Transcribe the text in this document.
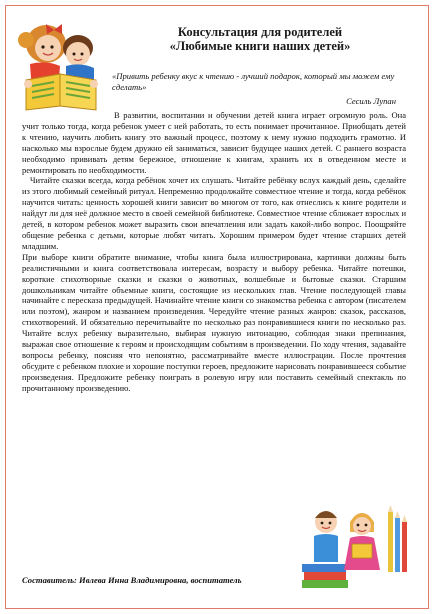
Консультация для родителей
«Любимые книги наших детей»
«Привить ребенку вкус к чтению - лучший подарок, который мы можем ему сделать»
Сесиль Лупан

В развитии, воспитании и обучении детей книга играет огромную роль. Она учит только тогда, когда ребенок умеет с ней работать, то есть понимает прочитанное. Приобщать детей к чтению, научить любить книгу это важный процесс, поэтому к нему нужно подходить грамотно. И насколько мы взрослые будем дружно ей заниматься, зависит будущее наших детей. С раннего возраста необходимо прививать детям бережное, отношение к книгам, хранить их в отведенном месте и ремонтировать по необходимости.

Читайте сказки всегда, когда ребёнок хочет их слушать. Читайте ребёнку вслух каждый день, сделайте из этого любимый семейный ритуал. Непременно продолжайте совместное чтение и тогда, когда ребёнок научится читать: ценность хорошей книги зависит во многом от того, как отнеслись к книге родители и найдут ли для неё должное место в своей семейной библиотеке. Совместное чтение сближает взрослых и детей, в котором ребенок может выразить свои впечатления или задать какой-либо вопрос. Поощряйте общение ребенка с детьми, которые любят читать. Хорошим примером будет чтение старших детей младшим.

При выборе книги обратите внимание, чтобы книга была иллюстрирована, картинки должны быть реалистичными и книга соответствовала интересам, возрасту и выбору ребенка. Читайте потешки, короткие стихотворные сказки и сказки о животных, волшебные и бытовые сказки. Старшим дошкольникам читайте объемные книги, состоящие из нескольких глав. Чтение последующей главы начинайте с пересказа предыдущей. Начинайте чтение книги со знакомства ребенка с автором (писателем или поэтом), жанром и названием произведения. Чередуйте чтение разных жанров: сказок, рассказов, стихотворений. И обязательно перечитывайте по несколько раз понравившиеся книги по несколько раз. Читайте вслух ребенку выразительно, выбирая нужную интонацию, соблюдая знаки препинания, выражая свое отношение к героям и происходящим событиям в произведении. По ходу чтения, задавайте вопросы ребенку, поясняя что непонятно, рассматривайте вместе иллюстрации. После прочтения обсудите с ребенком плохие и хорошие поступки героев, предложите нарисовать понравившееся событие произведения. Предложите ребенку поиграть в ролевую игру или поставить семейный спектакль по прочитанному произведению.

Составитель: Ивлева Инна Владимировна, воспитатель
